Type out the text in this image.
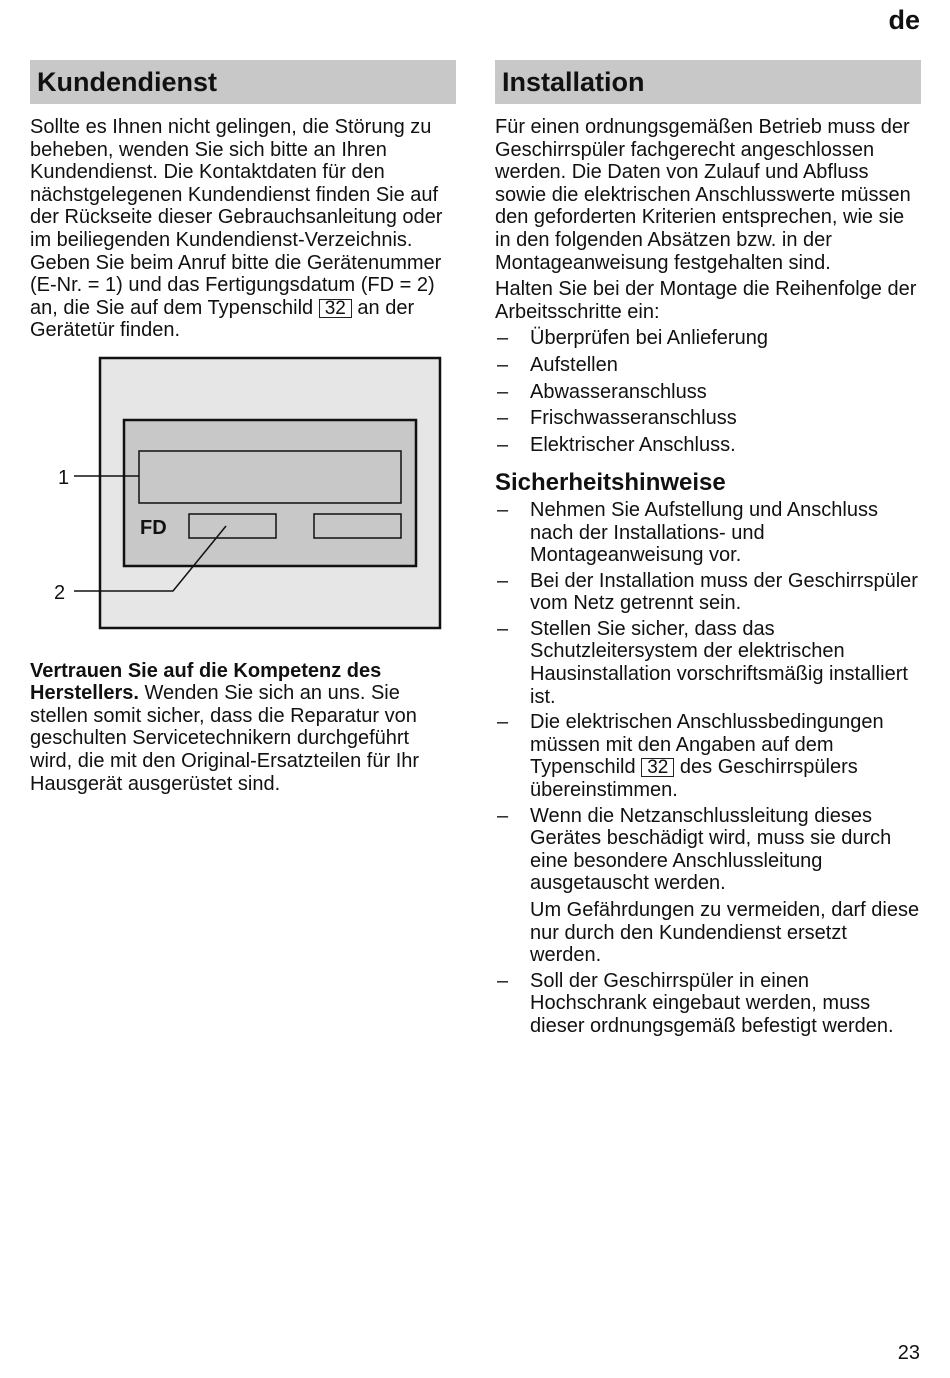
de
Kundendienst

Sollte es Ihnen nicht gelingen, die Störung zu beheben, wenden Sie sich bitte an Ihren Kundendienst. Die Kontaktdaten für den nächstgelegenen Kundendienst finden Sie auf der Rückseite dieser Gebrauchsanleitung oder im beiliegenden Kundendienst-Verzeichnis. Geben Sie beim Anruf bitte die Gerätenummer (E-Nr. = 1) und das Fertigungsdatum (FD = 2) an, die Sie auf dem Typenschild 32 an der Gerätetür finden.

FD
1
2

Vertrauen Sie auf die Kompetenz des Herstellers. Wenden Sie sich an uns. Sie stellen somit sicher, dass die Reparatur von geschulten Servicetechnikern durchgeführt wird, die mit den Original-Ersatzteilen für Ihr Hausgerät ausgerüstet sind.

Installation

Für einen ordnungsgemäßen Betrieb muss der Geschirrspüler fachgerecht angeschlossen werden. Die Daten von Zulauf und Abfluss sowie die elektrischen Anschlusswerte müssen den geforderten Kriterien entsprechen, wie sie in den folgenden Absätzen bzw. in der Montageanweisung festgehalten sind.

Halten Sie bei der Montage die Reihenfolge der Arbeitsschritte ein:

– Überprüfen bei Anlieferung
– Aufstellen
– Abwasseranschluss
– Frischwasseranschluss
– Elektrischer Anschluss.
Sicherheitshinweise
– Nehmen Sie Aufstellung und Anschluss nach der Installations- und Montageanweisung vor.
– Bei der Installation muss der Geschirrspüler vom Netz getrennt sein.
– Stellen Sie sicher, dass das Schutzleitersystem der elektrischen Hausinstallation vorschriftsmäßig installiert ist.
– Die elektrischen Anschlussbedingungen müssen mit den Angaben auf dem Typenschild 32 des Geschirrspülers übereinstimmen.
– Wenn die Netzanschlussleitung dieses Gerätes beschädigt wird, muss sie durch eine besondere Anschlussleitung ausgetauscht werden.

Um Gefährdungen zu vermeiden, darf diese nur durch den Kundendienst ersetzt werden.

– Soll der Geschirrspüler in einen Hochschrank eingebaut werden, muss dieser ordnungsgemäß befestigt werden.
23
